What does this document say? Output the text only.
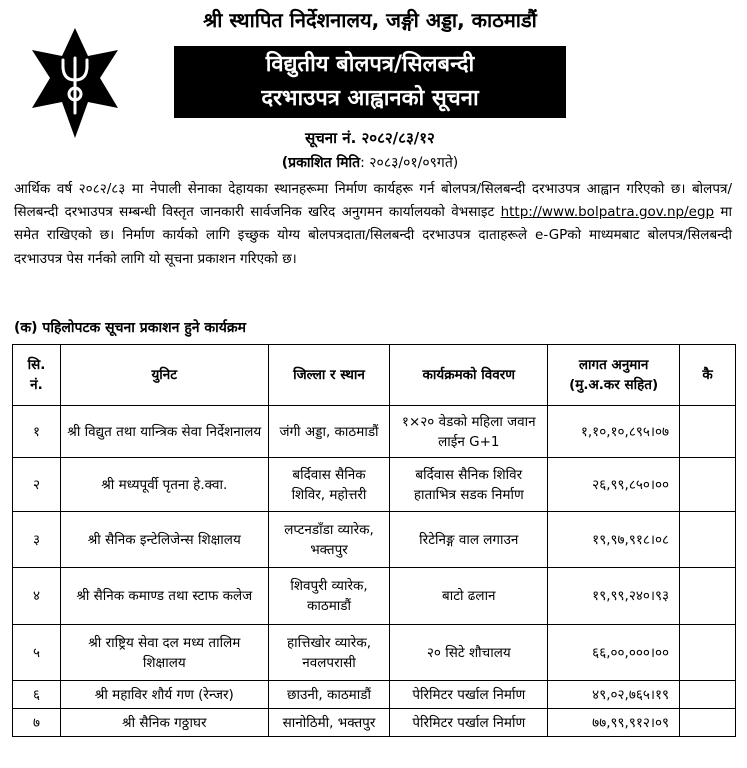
श्री स्थापित निर्देशनालय, जङ्गी अड्डा, काठमाडौं
विद्युतीय बोलपत्र/सिलबन्दी
दरभाउपत्र आह्वानको सूचना
सूचना नं. २०८२/८३/१२
(प्रकाशित मिति: २०८३/०१/०९गते)
आर्थिक वर्ष २०८२/८३ मा नेपाली सेनाका देहायका स्थानहरूमा निर्माण कार्यहरू गर्न बोलपत्र/सिलबन्दी दरभाउपत्र आह्वान गरिएको छ। बोलपत्र/सिलबन्दी दरभाउपत्र सम्बन्धी विस्तृत जानकारी सार्वजनिक खरिद अनुगमन कार्यालयको वेभसाइट http://www.bolpatra.gov.np/egp मा समेत राखिएको छ। निर्माण कार्यको लागि इच्छुक योग्य बोलपत्रदाता/सिलबन्दी दरभाउपत्र दाताहरूले e-GPको माध्यमबाट बोलपत्र/सिलबन्दी दरभाउपत्र पेस गर्नको लागि यो सूचना प्रकाशन गरिएको छ।
(क) पहिलोपटक सूचना प्रकाशन हुने कार्यक्रम
सि. नं.	युनिट	जिल्ला र स्थान	कार्यक्रमको विवरण	लागत अनुमान (मु.अ.कर सहित)	कै
१	श्री विद्युत तथा यान्त्रिक सेवा निर्देशनालय	जंगी अड्डा, काठमाडौं	१×२० वेडको महिला जवान लाईन G+1	१,१०,१०,८९५।०७	
२	श्री मध्यपूर्वी पृतना हे.क्वा.	बर्दिवास सैनिक शिविर, महोत्तरी	बर्दिवास सैनिक शिविर हाताभित्र सडक निर्माण	२६,९९,८५०।००	
३	श्री सैनिक इन्टेलिजेन्स शिक्षालय	लप्टनडाँडा व्यारेक, भक्तपुर	रिटेनिङ्ग वाल लगाउन	१९,९७,९१८।०८	
४	श्री सैनिक कमाण्ड तथा स्टाफ कलेज	शिवपुरी व्यारेक, काठमाडौं	बाटो ढलान	१९,९९,२४०।९३	
५	श्री राष्ट्रिय सेवा दल मध्य तालिम शिक्षालय	हात्तिखोर व्यारेक, नवलपरासी	२० सिटे शौचालय	६६,००,०००।००	
६	श्री महाविर शौर्य गण (रेन्जर)	छाउनी, काठमाडौं	पेरिमिटर पर्खाल निर्माण	४९,०२,७६५।१९	
७	श्री सैनिक गठ्ठाघर	सानोठिमी, भक्तपुर	पेरिमिटर पर्खाल निर्माण	७७,९९,९१२।०९	
